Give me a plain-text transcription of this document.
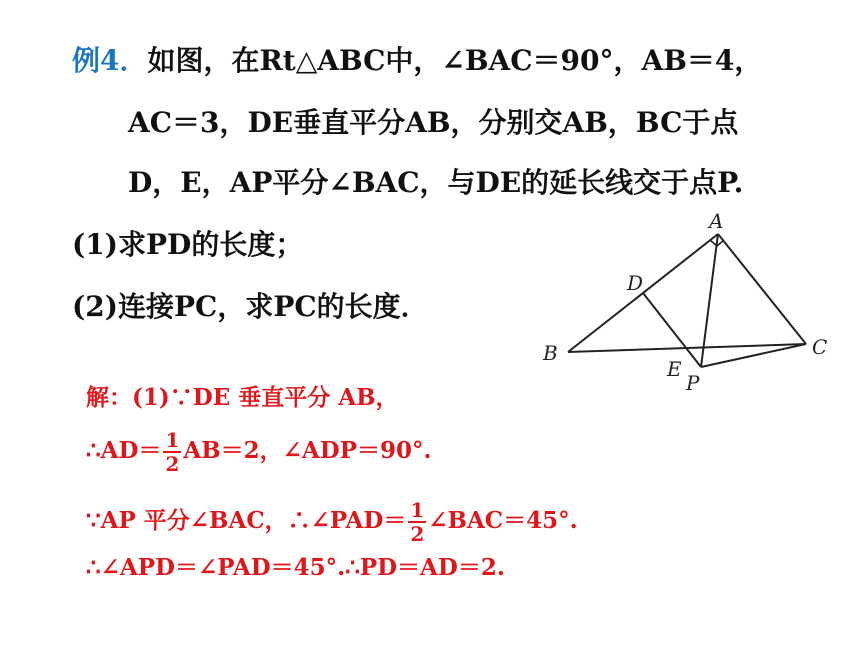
例4．如图，在Rt△ABC中，∠BAC＝90°，AB＝4，
AC＝3，DE垂直平分AB，分别交AB，BC于点
D，E，AP平分∠BAC，与DE的延长线交于点P.
(1)求PD的长度；
(2)连接PC，求PC的长度．
A
B	C
D
E
P
解：(1)∵DE 垂直平分 AB，
∴AD＝ $\frac{1}{2} AB=2$，∠ADP＝90°.
∵AP 平分∠BAC，∴∠PAD＝ $\frac{1}{2}$ ∠BAC＝45°.
∴∠APD＝∠PAD＝45°.∴PD＝AD＝2.
